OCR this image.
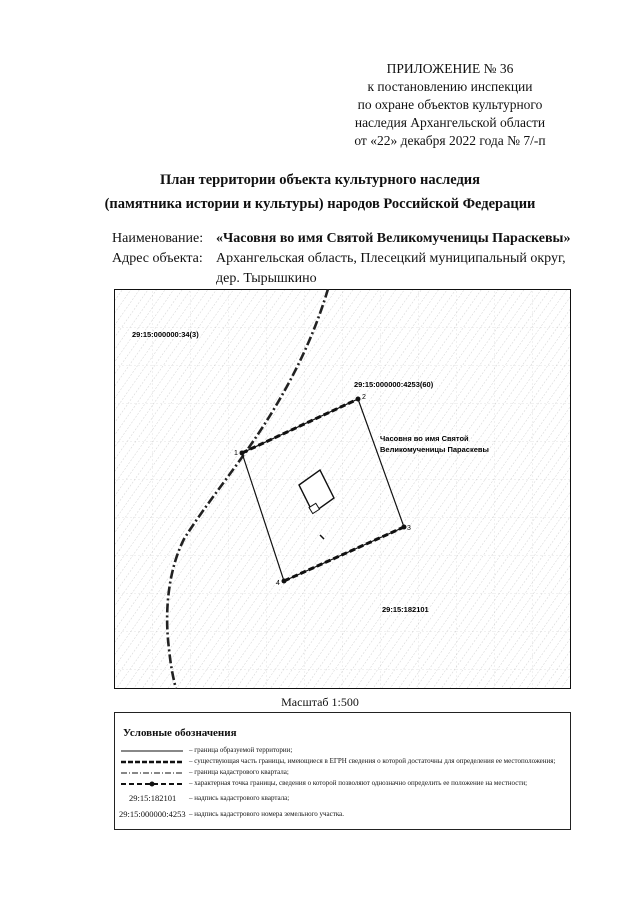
ПРИЛОЖЕНИЕ № 36
к постановлению инспекции
по охране объектов культурного
наследия Архангельской области
от «22» декабря 2022 года № 7/-п
План территории объекта культурного наследия
(памятника истории и культуры) народов Российской Федерации
Наименование: «Часовня во имя Святой Великомученицы Параскевы»
Адрес объекта: Архангельская область, Плесецкий муниципальный округ,
дер. Тырышкино
1
2
3
4
29:15:000000:34(3)
29:15:000000:4253(60)
Часовня во имя Святой
Великомученицы Параскевы
29:15:182101
Масштаб 1:500
Условные обозначения
– граница образуемой территории;
– существующая часть границы, имеющиеся в ЕГРН сведения о которой достаточны для определения ее местоположения;
– граница кадастрового квартала;
– характерная точка границы, сведения о которой позволяют однозначно определить ее положение на местности;
29:15:182101 – надпись кадастрового квартала;
29:15:000000:4253 – надпись кадастрового номера земельного участка.
